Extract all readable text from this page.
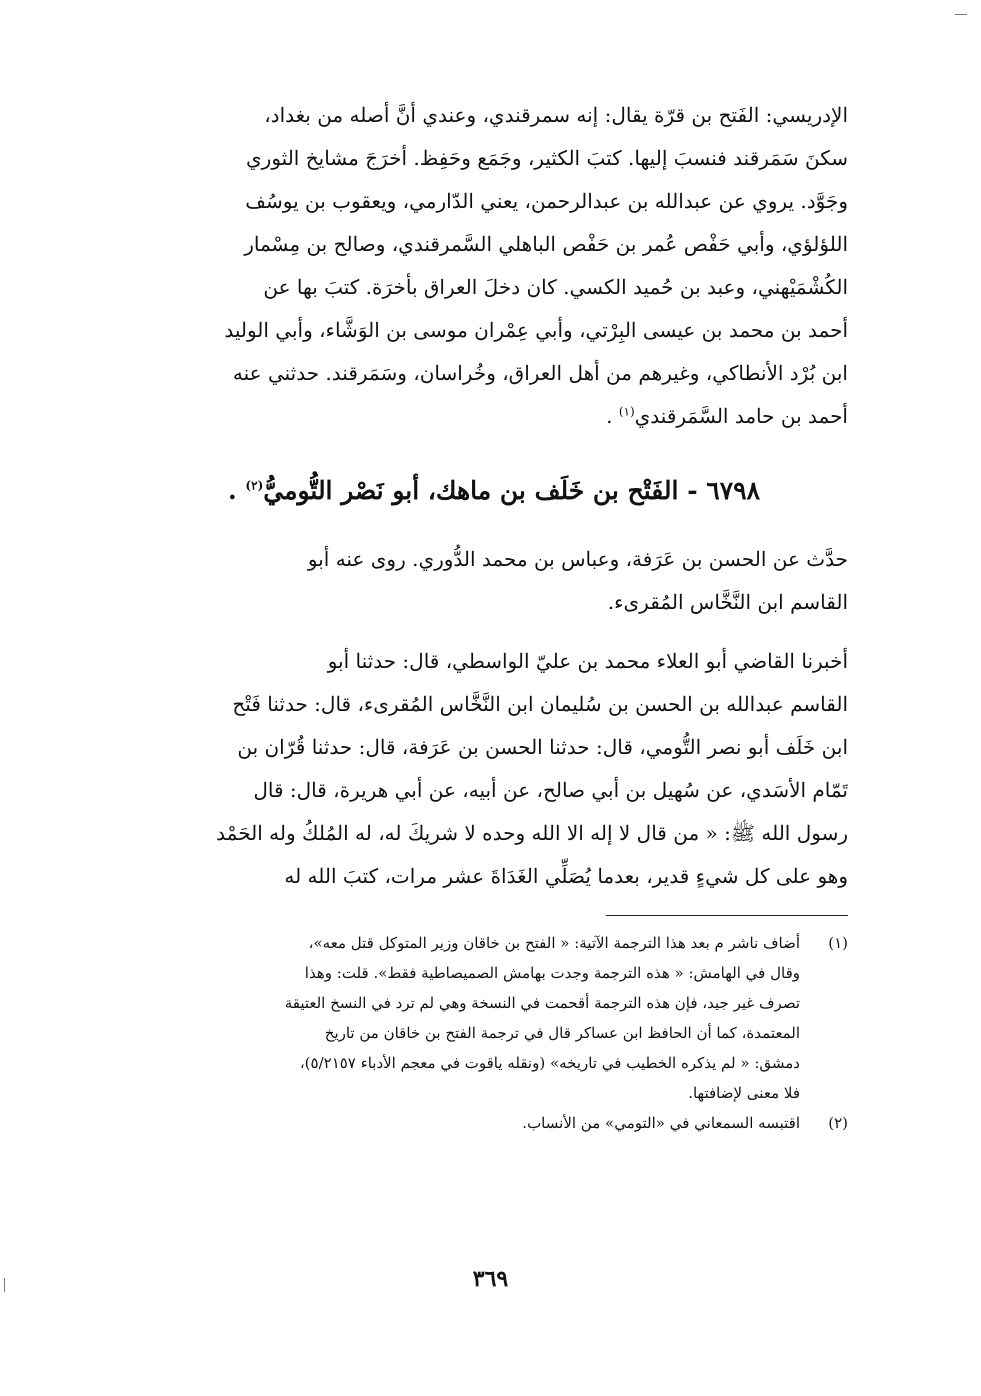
الإدريسي: الفَتح بن قرّة يقال: إنه سمرقندي، وعندي أنَّ أصله من بغداد،
سكنَ سَمَرقند فنسبَ إليها. كتبَ الكثير، وجَمَع وحَفِظ. أخرَجَ مشايخ الثوري
وجَوَّد. يروي عن عبدالله بن عبدالرحمن، يعني الدّارمي، ويعقوب بن يوسُف
اللؤلؤي، وأبي حَفْص عُمر بن حَفْص الباهلي السَّمرقندي، وصالح بن مِسْمار
الكُشْمَيْهني، وعبد بن حُميد الكسي. كان دخلَ العراق بأخرَة. كتبَ بها عن
أحمد بن محمد بن عيسى البِرْتي، وأبي عِمْران موسى بن الوَشَّاء، وأبي الوليد
ابن بُرْد الأنطاكي، وغيرهم من أهل العراق، وخُراسان، وسَمَرقند. حدثني عنه
أحمد بن حامد السَّمَرقندي$^{(١)}$ .
٦٧٩٨ - الفَتْح بن خَلَف بن ماهك، أبو نَصْر التُّوميُّ$^{(٢)}$ .
حدَّث عن الحسن بن عَرَفة، وعباس بن محمد الدُّوري. روى عنه أبو
القاسم ابن النَّخَّاس المُقرىء.
أخبرنا القاضي أبو العلاء محمد بن عليّ الواسطي، قال: حدثنا أبو
القاسم عبدالله بن الحسن بن سُليمان ابن النَّخَّاس المُقرىء، قال: حدثنا فَتْح
ابن خَلَف أبو نصر التُّومي، قال: حدثنا الحسن بن عَرَفة، قال: حدثنا قُرّان بن
تَمّام الأسَدي، عن سُهيل بن أبي صالح، عن أبيه، عن أبي هريرة، قال: قال
رسول الله ﷺ: « من قال لا إله الا الله وحده لا شريكَ له، له المُلكُ وله الحَمْد
وهو على كل شيءٍ قدير، بعدما يُصَلِّي الغَدَاةَ عشر مرات، كتبَ الله له
(١)أضاف ناشر م بعد هذا الترجمة الآتية: « الفتح بن خاقان وزير المتوكل قتل معه»،
وقال في الهامش: « هذه الترجمة وجدت بهامش الصميصاطية فقط». قلت: وهذا
تصرف غير جيد، فإن هذه الترجمة أقحمت في النسخة وهي لم ترد في النسخ العتيقة
المعتمدة، كما أن الحافظ ابن عساكر قال في ترجمة الفتح بن خاقان من تاريخ
دمشق: « لم يذكره الخطيب في تاريخه» (ونقله ياقوت في معجم الأدباء ٥/٢١٥٧)،
فلا معنى لإضافتها.
(٢)اقتبسه السمعاني في «التومي» من الأنساب.
٣٦٩
